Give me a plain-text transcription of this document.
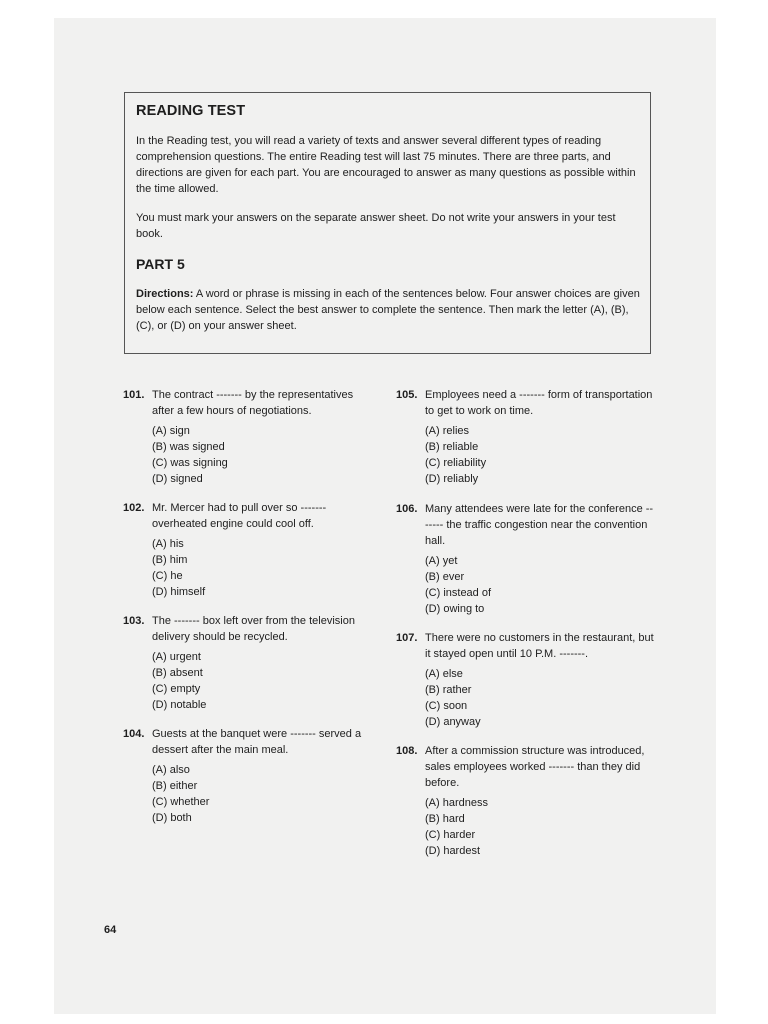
READING TEST

In the Reading test, you will read a variety of texts and answer several different types of reading comprehension questions. The entire Reading test will last 75 minutes. There are three parts, and directions are given for each part. You are encouraged to answer as many questions as possible within the time allowed.

You must mark your answers on the separate answer sheet. Do not write your answers in your test book.

PART 5

Directions: A word or phrase is missing in each of the sentences below. Four answer choices are given below each sentence. Select the best answer to complete the sentence. Then mark the letter (A), (B), (C), or (D) on your answer sheet.

101. The contract ------- by the representatives after a few hours of negotiations.
(A) sign
(B) was signed
(C) was signing
(D) signed
102. Mr. Mercer had to pull over so ------- overheated engine could cool off.
(A) his
(B) him
(C) he
(D) himself
103. The ------- box left over from the television delivery should be recycled.
(A) urgent
(B) absent
(C) empty
(D) notable
104. Guests at the banquet were ------- served a dessert after the main meal.
(A) also
(B) either
(C) whether
(D) both
105. Employees need a ------- form of transportation to get to work on time.
(A) relies
(B) reliable
(C) reliability
(D) reliably
106. Many attendees were late for the conference ------- the traffic congestion near the convention hall.
(A) yet
(B) ever
(C) instead of
(D) owing to
107. There were no customers in the restaurant, but it stayed open until 10 P.M. -------.
(A) else
(B) rather
(C) soon
(D) anyway
108. After a commission structure was introduced, sales employees worked ------- than they did before.
(A) hardness
(B) hard
(C) harder
(D) hardest
64
